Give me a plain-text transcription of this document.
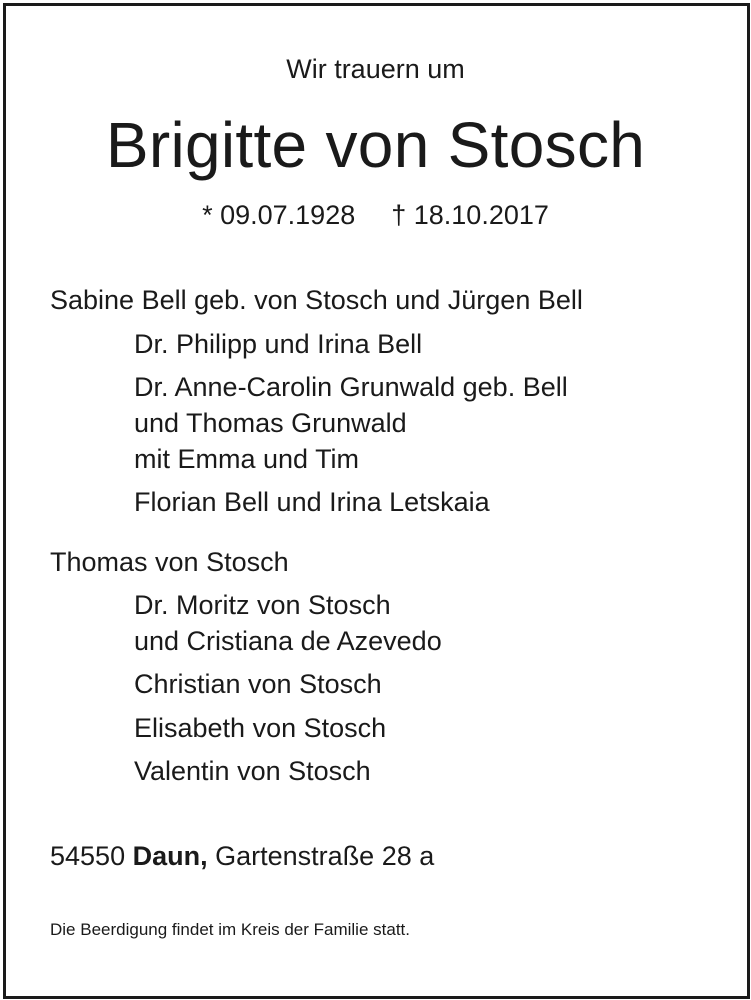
Wir trauern um
Brigitte von Stosch
* 09.07.1928 † 18.10.2017
Sabine Bell geb. von Stosch und Jürgen Bell
Dr. Philipp und Irina Bell
Dr. Anne-Carolin Grunwald geb. Bell
und Thomas Grunwald
mit Emma und Tim
Florian Bell und Irina Letskaia
Thomas von Stosch
Dr. Moritz von Stosch
und Cristiana de Azevedo
Christian von Stosch
Elisabeth von Stosch
Valentin von Stosch
54550 Daun, Gartenstraße 28 a
Die Beerdigung findet im Kreis der Familie statt.
